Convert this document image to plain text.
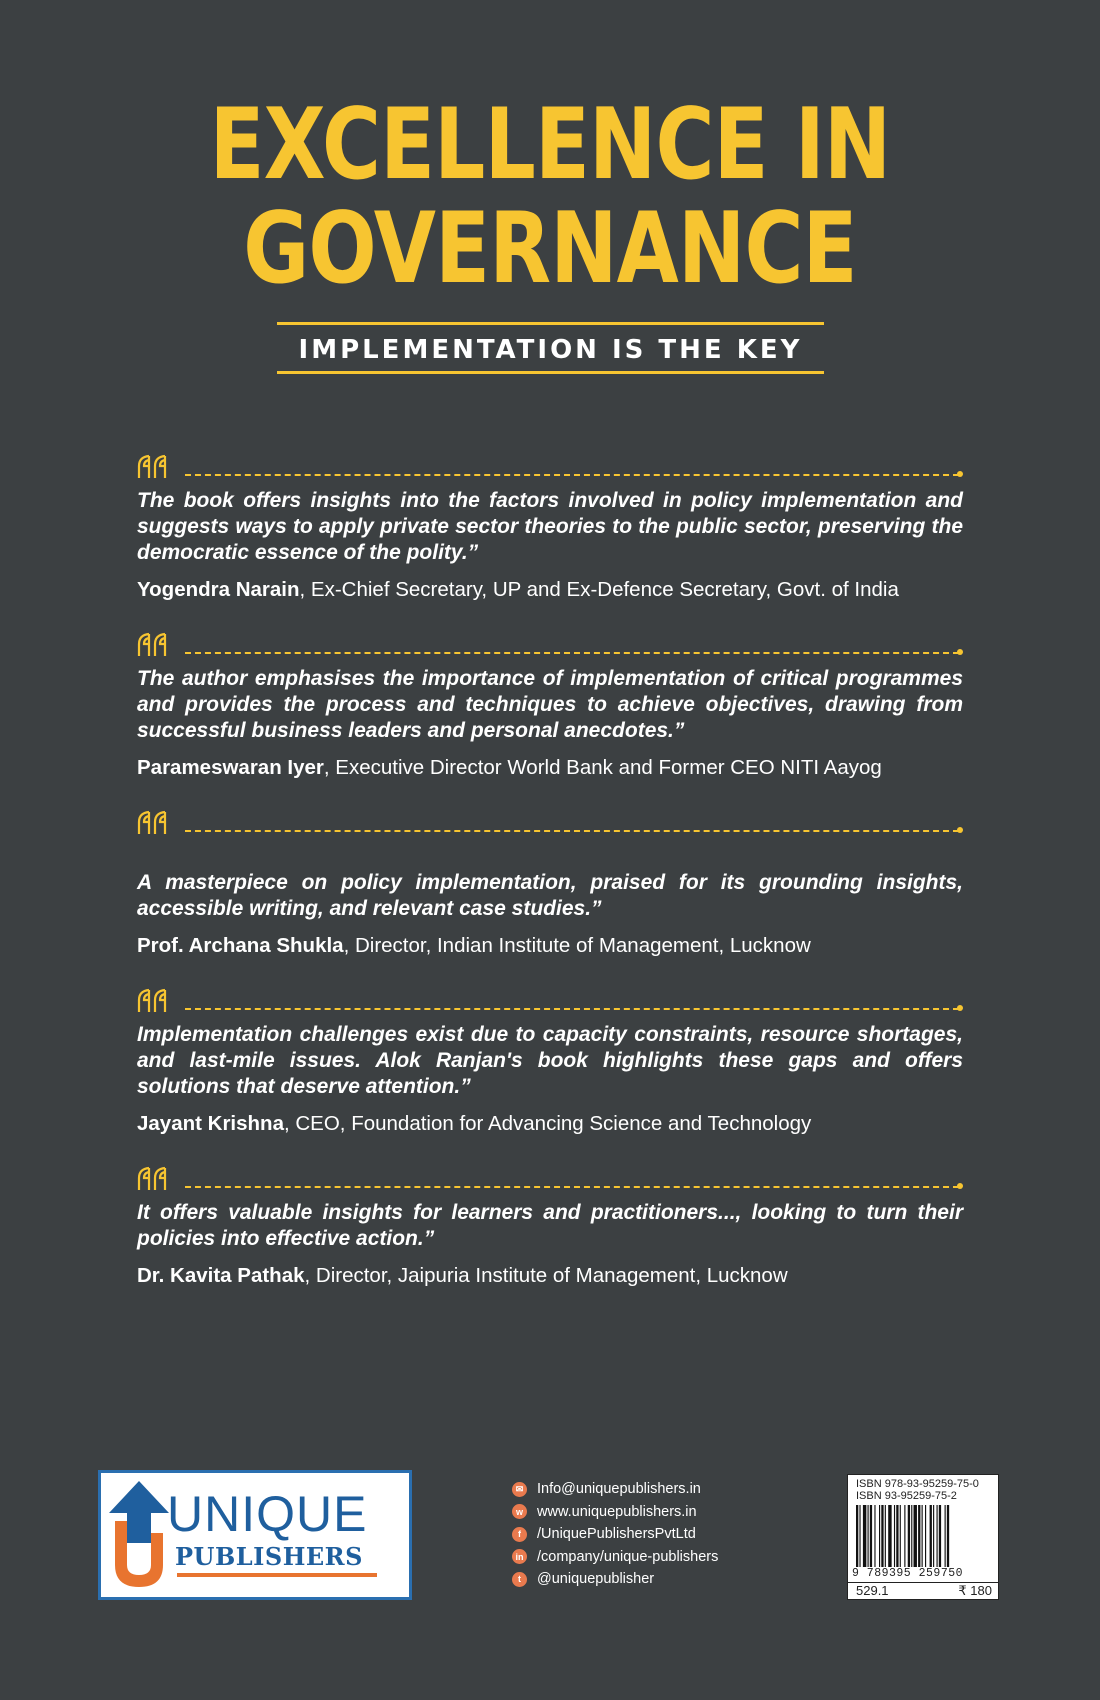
EXCELLENCE IN
GOVERNANCE
IMPLEMENTATION IS THE KEY
The book offers insights into the factors involved in policy implementation and suggests ways to apply private sector theories to the public sector, preserving the democratic essence of the polity.”
Yogendra Narain, Ex-Chief Secretary, UP and Ex-Defence Secretary, Govt. of India
The author emphasises the importance of implementation of critical programmes and provides the process and techniques to achieve objectives, drawing from successful business leaders and personal anecdotes.”
Parameswaran Iyer, Executive Director World Bank and Former CEO NITI Aayog
A masterpiece on policy implementation, praised for its grounding insights, accessible writing, and relevant case studies.”
Prof. Archana Shukla, Director, Indian Institute of Management, Lucknow
Implementation challenges exist due to capacity constraints, resource shortages, and last-mile issues. Alok Ranjan's book highlights these gaps and offers solutions that deserve attention.”
Jayant Krishna, CEO, Foundation for Advancing Science and Technology
It offers valuable insights for learners and practitioners..., looking to turn their policies into effective action.”
Dr. Kavita Pathak, Director, Jaipuria Institute of Management, Lucknow
UNIQUE
PUBLISHERS
✉ Info@uniquepublishers.in
w www.uniquepublishers.in
f	/UniquePublishersPvtLtd
in /company/unique-publishers
t	@uniquepublisher
ISBN 978-93-95259-75-0
ISBN 93-95259-75-2
9 789395 259750
529.1	₹ 180
